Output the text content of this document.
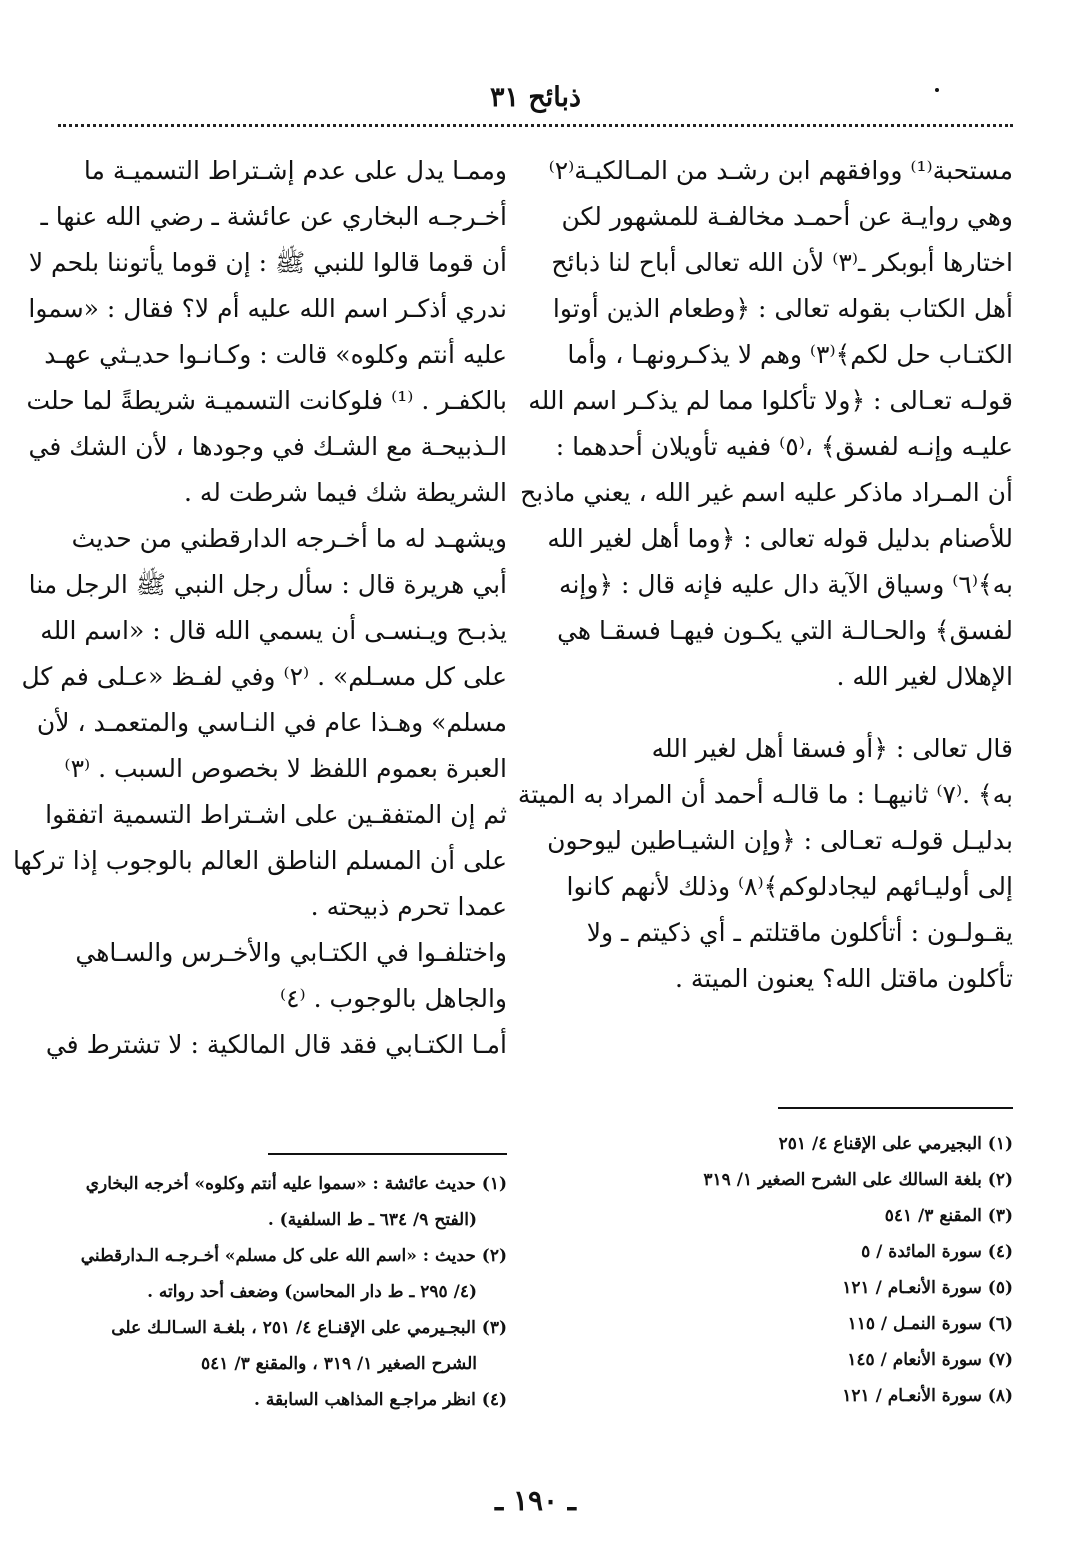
ذبائح ٣١
مستحبة⁽¹⁾ ووافقهم ابن رشـد من المـالكيـة⁽٢⁾
وهي روايـة عن أحمـد مخالفـة للمشهور لكن
اختارها أبوبكر ـ⁽٣⁾ لأن الله تعالى أباح لنا ذبائح
أهل الكتاب بقوله تعالى : ﴿وطعام الذين أوتوا
الكتـاب حل لكم﴾⁽٣⁾ وهم لا يذكـرونهـا ، وأما
قولـه تعـالى : ﴿ولا تأكلوا مما لم يذكـر اسم الله
عليـه وإنـه لفسق﴾ ،⁽٥⁾ ففيه تأويلان أحدهما :
أن المـراد ماذكر عليه اسم غير الله ، يعني ماذبح
للأصنام بدليل قوله تعالى : ﴿وما أهل لغير الله
به﴾⁽٦⁾ وسياق الآية دال عليه فإنه قال : ﴿وإنه
لفسق﴾ والحـالـة التي يكـون فيهـا فسقـا هي
الإهلال لغير الله .
قال تعالى : ﴿أو فسقا أهل لغير الله
به﴾ .⁽٧⁾ ثانيهـا : ما قالـه أحمد أن المراد به الميتة
بدليـل قولـه تعـالى : ﴿وإن الشيـاطين ليوحون
إلى أوليـائهم ليجادلوكم﴾⁽٨⁾ وذلك لأنهم كانوا
يقـولـون : أتأكلون ماقتلتم ـ أي ذكيتم ـ ولا
تأكلون ماقتل الله؟ يعنون الميتة .
وممـا يدل على عدم إشـتراط التسميـة ما
أخـرجـه البخاري عن عائشة ـ رضي الله عنها ـ
أن قوما قالوا للنبي ﷺ : إن قوما يأتوننا بلحم لا
ندري أذكـر اسم الله عليه أم لا؟ فقال : «سموا
عليه أنتم وكلوه» قالت : وكـانـوا حديـثي عهـد
بالكفـر . ⁽¹⁾ فلوكانت التسميـة شريطةً لما حلت
الـذبيحـة مع الشـك في وجودها ، لأن الشك في
الشريطة شك فيما شرطت له .
ويشهـد له ما أخـرجه الدارقطني من حديث
أبي هريرة قال : سأل رجل النبي ﷺ الرجل منا
يذبـح ويـنسـى أن يسمي الله قال : «اسم الله
على كل مسـلم» . ⁽٢⁾ وفي لفـظ «عـلى فم كل
مسلم» وهـذا عام في النـاسي والمتعمـد ، لأن
العبرة بعموم اللفظ لا بخصوص السبب . ⁽٣⁾
ثم إن المتفقـين على اشـتراط التسمية اتفقوا
على أن المسلم الناطق العالم بالوجوب إذا تركها
عمدا تحرم ذبيحته .
واختلفـوا في الكتـابي والأخـرس والسـاهي
والجاهل بالوجوب . ⁽٤⁾
أمـا الكتـابي فقد قال المالكية : لا تشترط في
(١) البجيرمي على الإقناع ٤/ ٢٥١
(٢) بلغة السالك على الشرح الصغير ١/ ٣١٩
(٣) المقنع ٣/ ٥٤١
(٤) سورة المائدة / ٥
(٥) سورة الأنعـام / ١٢١
(٦) سورة النمـل / ١١٥
(٧) سورة الأنعام / ١٤٥
(٨) سورة الأنعـام / ١٢١
(١) حديث عائشة : «سموا عليه أنتم وكلوه» أخرجه البخاري
(الفتح ٩/ ٦٣٤ ـ ط السلفية) .
(٢) حديث : «اسم الله على كل مسلم» أخـرجـه الـدارقطني
(٤/ ٢٩٥ ـ ط دار المحاسن) وضعف أحد رواته .
(٣) البجـيرمي على الإقنـاع ٤/ ٢٥١ ، بلغـة السـالـك على
الشرح الصغير ١/ ٣١٩ ، والمقنع ٣/ ٥٤١
(٤) انظر مراجـع المذاهب السابقة .
ـ ١٩٠ ـ
